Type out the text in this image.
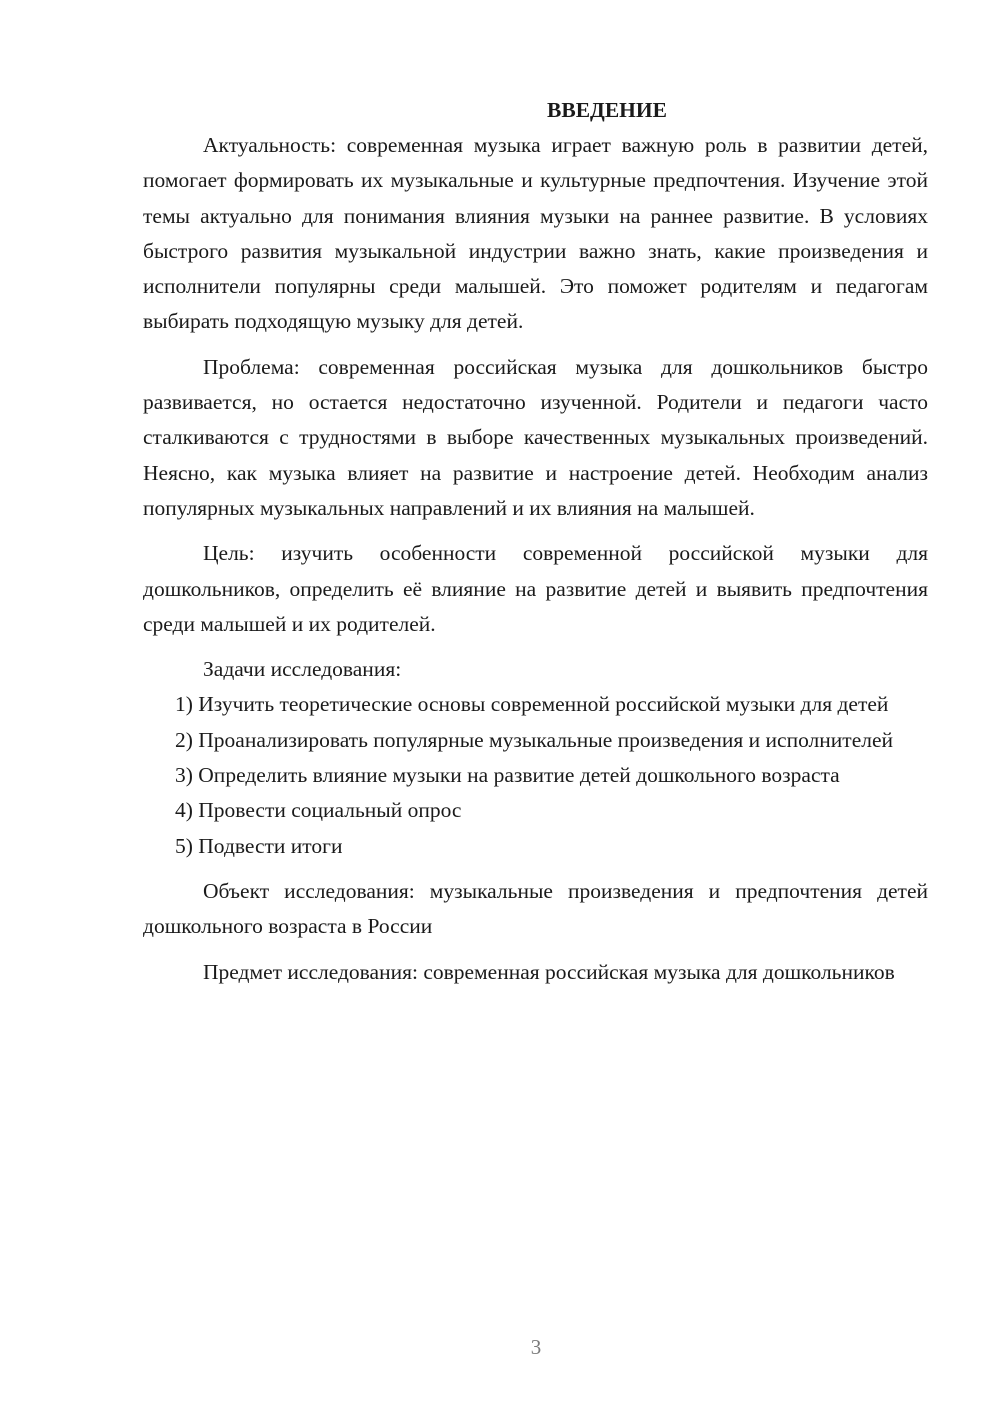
ВВЕДЕНИЕ

Актуальность: современная музыка играет важную роль в развитии детей, помогает формировать их музыкальные и культурные предпочтения. Изучение этой темы актуально для понимания влияния музыки на раннее развитие. В условиях быстрого развития музыкальной индустрии важно знать, какие произведения и исполнители популярны среди малышей. Это поможет родителям и педагогам выбирать подходящую музыку для детей.

Проблема: современная российская музыка для дошкольников быстро развивается, но остается недостаточно изученной. Родители и педагоги часто сталкиваются с трудностями в выборе качественных музыкальных произведений. Неясно, как музыка влияет на развитие и настроение детей. Необходим анализ популярных музыкальных направлений и их влияния на малышей.

Цель: изучить особенности современной российской музыки для дошкольников, определить её влияние на развитие детей и выявить предпочтения среди малышей и их родителей.

Задачи исследования:

1) Изучить теоретические основы современной российской музыки для детей

2) Проанализировать популярные музыкальные произведения и исполнителей

3) Определить влияние музыки на развитие детей дошкольного возраста

4) Провести социальный опрос

5) Подвести итоги

Объект исследования: музыкальные произведения и предпочтения детей дошкольного возраста в России

Предмет исследования: современная российская музыка для дошкольников

3
